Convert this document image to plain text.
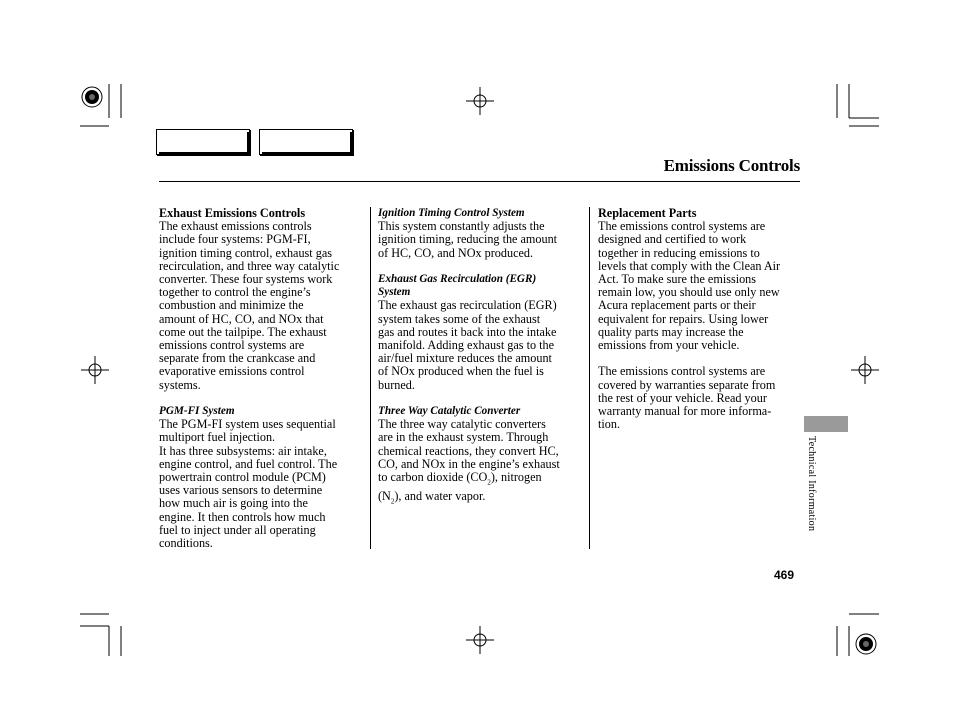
Emissions Controls
Exhaust Emissions Controls
The exhaust emissions controls
include four systems: PGM-FI,
ignition timing control, exhaust gas
recirculation, and three way catalytic
converter. These four systems work
together to control the engine’s
combustion and minimize the
amount of HC, CO, and NOx that
come out the tailpipe. The exhaust
emissions control systems are
separate from the crankcase and
evaporative emissions control
systems.
PGM-FI System
The PGM-FI system uses sequential
multiport fuel injection.
It has three subsystems: air intake,
engine control, and fuel control. The
powertrain control module (PCM)
uses various sensors to determine
how much air is going into the
engine. It then controls how much
fuel to inject under all operating
conditions.
Ignition Timing Control System
This system constantly adjusts the
ignition timing, reducing the amount
of HC, CO, and NOx produced.
Exhaust Gas Recirculation (EGR)
System
The exhaust gas recirculation (EGR)
system takes some of the exhaust
gas and routes it back into the intake
manifold. Adding exhaust gas to the
air/fuel mixture reduces the amount
of NOx produced when the fuel is
burned.
Three Way Catalytic Converter
The three way catalytic converters
are in the exhaust system. Through
chemical reactions, they convert HC,
CO, and NOx in the engine’s exhaust
to carbon dioxide $(CO_2)$, nitrogen
$(N_2)$, and water vapor.
Replacement Parts
The emissions control systems are
designed and certified to work
together in reducing emissions to
levels that comply with the Clean Air
Act. To make sure the emissions
remain low, you should use only new
Acura replacement parts or their
equivalent for repairs. Using lower
quality parts may increase the
emissions from your vehicle.
The emissions control systems are
covered by warranties separate from
the rest of your vehicle. Read your
warranty manual for more informa-
tion.
Technical Information
469
